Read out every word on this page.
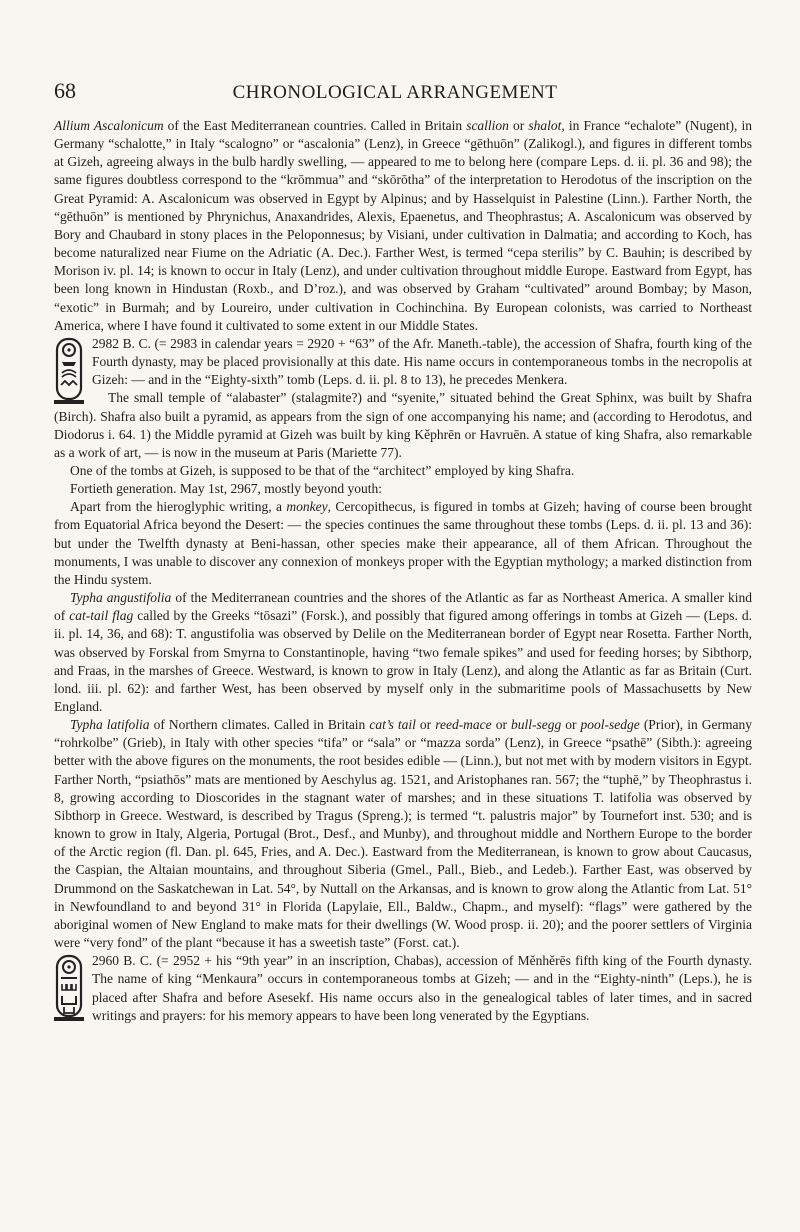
68	CHRONOLOGICAL ARRANGEMENT

Allium Ascalonicum of the East Mediterranean countries. Called in Britain scallion or shalot, in France “echalote” (Nugent), in Germany “schalotte,” in Italy “scalogno” or “ascalonia” (Lenz), in Greece “gēthuōn” (Zalikogl.), and figures in different tombs at Gizeh, agreeing always in the bulb hardly swelling, — appeared to me to belong here (compare Leps. d. ii. pl. 36 and 98); the same figures doubtless correspond to the “krōmmua” and “skōrōtha” of the interpretation to Herodotus of the inscription on the Great Pyramid: A. Ascalonicum was observed in Egypt by Alpinus; and by Hasselquist in Palestine (Linn.). Farther North, the “gēthuōn” is mentioned by Phrynichus, Anaxandrides, Alexis, Epaenetus, and Theophrastus; A. Ascalonicum was observed by Bory and Chaubard in stony places in the Peloponnesus; by Visiani, under cultivation in Dalmatia; and according to Koch, has become naturalized near Fiume on the Adriatic (A. Dec.). Farther West, is termed “cepa sterilis” by C. Bauhin; is described by Morison iv. pl. 14; is known to occur in Italy (Lenz), and under cultivation throughout middle Europe. Eastward from Egypt, has been long known in Hindustan (Roxb., and D’roz.), and was observed by Graham “cultivated” around Bombay; by Mason, “exotic” in Burmah; and by Loureiro, under cultivation in Cochinchina. By European colonists, was carried to Northeast America, where I have found it cultivated to some extent in our Middle States.

2982 B. C. (= 2983 in calendar years = 2920 + “63” of the Afr. Maneth.-table), the accession of Shafra, fourth king of the Fourth dynasty, may be placed provisionally at this date. His name occurs in contemporaneous tombs in the necropolis at Gizeh: — and in the “Eighty-sixth” tomb (Leps. d. ii. pl. 8 to 13), he precedes Menkera.

The small temple of “alabaster” (stalagmite?) and “syenite,” situated behind the Great Sphinx, was built by Shafra (Birch). Shafra also built a pyramid, as appears from the sign of one accompanying his name; and (according to Herodotus, and Diodorus i. 64. 1) the Middle pyramid at Gizeh was built by king Kěphrēn or Havruēn. A statue of king Shafra, also remarkable as a work of art, — is now in the museum at Paris (Mariette 77).

One of the tombs at Gizeh, is supposed to be that of the “architect” employed by king Shafra.

Fortieth generation. May 1st, 2967, mostly beyond youth:

Apart from the hieroglyphic writing, a monkey, Cercopithecus, is figured in tombs at Gizeh; having of course been brought from Equatorial Africa beyond the Desert: — the species continues the same throughout these tombs (Leps. d. ii. pl. 13 and 36): but under the Twelfth dynasty at Beni-hassan, other species make their appearance, all of them African. Throughout the monuments, I was unable to discover any connexion of monkeys proper with the Egyptian mythology; a marked distinction from the Hindu system.

Typha angustifolia of the Mediterranean countries and the shores of the Atlantic as far as Northeast America. A smaller kind of cat-tail flag called by the Greeks “tōsazi” (Forsk.), and possibly that figured among offerings in tombs at Gizeh — (Leps. d. ii. pl. 14, 36, and 68): T. angustifolia was observed by Delile on the Mediterranean border of Egypt near Rosetta. Farther North, was observed by Forskal from Smyrna to Constantinople, having “two female spikes” and used for feeding horses; by Sibthorp, and Fraas, in the marshes of Greece. Westward, is known to grow in Italy (Lenz), and along the Atlantic as far as Britain (Curt. lond. iii. pl. 62): and farther West, has been observed by myself only in the submaritime pools of Massachusetts by New England.

Typha latifolia of Northern climates. Called in Britain cat’s tail or reed-mace or bull-segg or pool-sedge (Prior), in Germany “rohrkolbe” (Grieb), in Italy with other species “tifa” or “sala” or “mazza sorda” (Lenz), in Greece “psathē” (Sibth.): agreeing better with the above figures on the monuments, the root besides edible — (Linn.), but not met with by modern visitors in Egypt. Farther North, “psiathōs” mats are mentioned by Aeschylus ag. 1521, and Aristophanes ran. 567; the “tuphē,” by Theophrastus i. 8, growing according to Dioscorides in the stagnant water of marshes; and in these situations T. latifolia was observed by Sibthorp in Greece. Westward, is described by Tragus (Spreng.); is termed “t. palustris major” by Tournefort inst. 530; and is known to grow in Italy, Algeria, Portugal (Brot., Desf., and Munby), and throughout middle and Northern Europe to the border of the Arctic region (fl. Dan. pl. 645, Fries, and A. Dec.). Eastward from the Mediterranean, is known to grow about Caucasus, the Caspian, the Altaian mountains, and throughout Siberia (Gmel., Pall., Bieb., and Ledeb.). Farther East, was observed by Drummond on the Saskatchewan in Lat. 54°, by Nuttall on the Arkansas, and is known to grow along the Atlantic from Lat. 51° in Newfoundland to and beyond 31° in Florida (Lapylaie, Ell., Baldw., Chapm., and myself): “flags” were gathered by the aboriginal women of New England to make mats for their dwellings (W. Wood prosp. ii. 20); and the poorer settlers of Virginia were “very fond” of the plant “because it has a sweetish taste” (Forst. cat.).

2960 B. C. (= 2952 + his “9th year” in an inscription, Chabas), accession of Měnhěrēs fifth king of the Fourth dynasty. The name of king “Menkaura” occurs in contemporaneous tombs at Gizeh; — and in the “Eighty-ninth” (Leps.), he is placed after Shafra and before Asesekf. His name occurs also in the genealogical tables of later times, and in sacred writings and prayers: for his memory appears to have been long venerated by the Egyptians.
